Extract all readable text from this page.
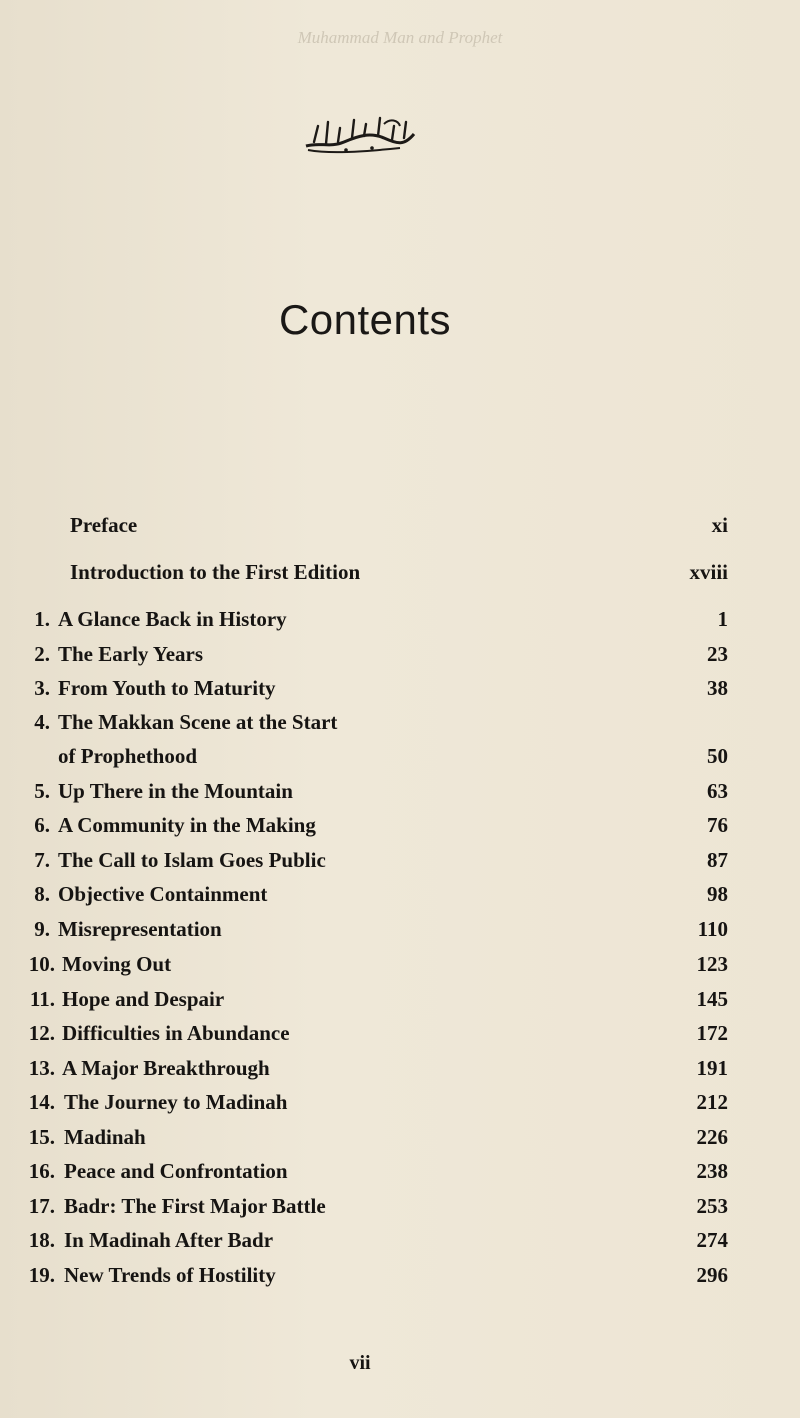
Muhammad Man and Prophet
Contents
Preface	xi
Introduction to the First Edition	xviii
1. A Glance Back in History	1
2. The Early Years	23
3. From Youth to Maturity	38
4. The Makkan Scene at the Start
of Prophethood	50
5. Up There in the Mountain	63
6. A Community in the Making	76
7. The Call to Islam Goes Public	87
8. Objective Containment	98
9. Misrepresentation	110
10. Moving Out	123
11. Hope and Despair	145
12. Difficulties in Abundance	172
13. A Major Breakthrough	191
14. The Journey to Madinah	212
15. Madinah	226
16. Peace and Confrontation	238
17. Badr: The First Major Battle	253
18. In Madinah After Badr	274
19. New Trends of Hostility	296
vii
